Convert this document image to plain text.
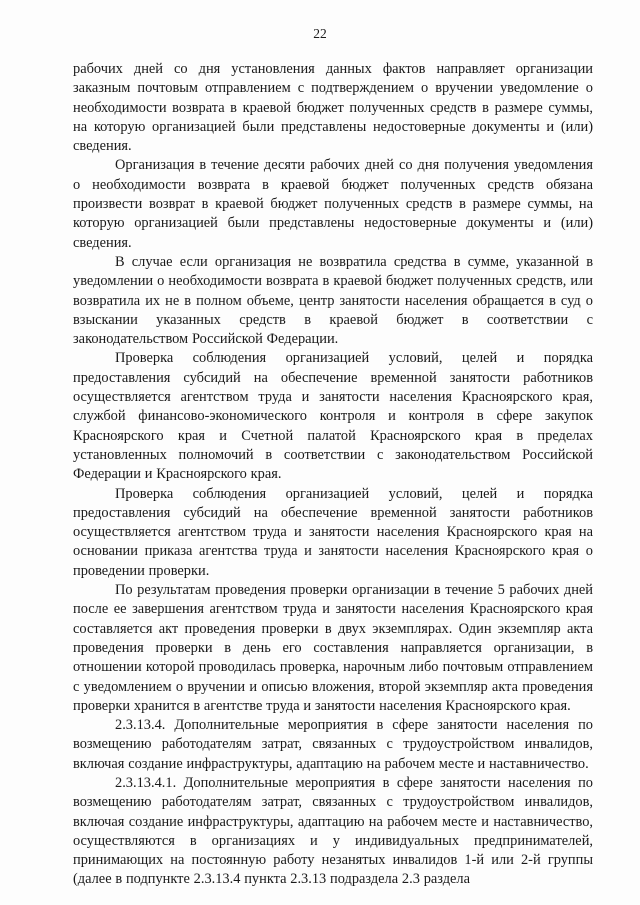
22

рабочих дней со дня установления данных фактов направляет организации заказным почтовым отправлением с подтверждением о вручении уведомление о необходимости возврата в краевой бюджет полученных средств в размере суммы, на которую организацией были представлены недостоверные документы и (или) сведения.

Организация в течение десяти рабочих дней со дня получения уведомления о необходимости возврата в краевой бюджет полученных средств обязана произвести возврат в краевой бюджет полученных средств в размере суммы, на которую организацией были представлены недостоверные документы и (или) сведения.

В случае если организация не возвратила средства в сумме, указанной в уведомлении о необходимости возврата в краевой бюджет полученных средств, или возвратила их не в полном объеме, центр занятости населения обращается в суд о взыскании указанных средств в краевой бюджет в соответствии с законодательством Российской Федерации.

Проверка соблюдения организацией условий, целей и порядка предоставления субсидий на обеспечение временной занятости работников осуществляется агентством труда и занятости населения Красноярского края, службой финансово-экономического контроля и контроля в сфере закупок Красноярского края и Счетной палатой Красноярского края в пределах установленных полномочий в соответствии с законодательством Российской Федерации и Красноярского края.

Проверка соблюдения организацией условий, целей и порядка предоставления субсидий на обеспечение временной занятости работников осуществляется агентством труда и занятости населения Красноярского края на основании приказа агентства труда и занятости населения Красноярского края о проведении проверки.

По результатам проведения проверки организации в течение 5 рабочих дней после ее завершения агентством труда и занятости населения Красноярского края составляется акт проведения проверки в двух экземплярах. Один экземпляр акта проведения проверки в день его составления направляется организации, в отношении которой проводилась проверка, нарочным либо почтовым отправлением с уведомлением о вручении и описью вложения, второй экземпляр акта проведения проверки хранится в агентстве труда и занятости населения Красноярского края.

2.3.13.4. Дополнительные мероприятия в сфере занятости населения по возмещению работодателям затрат, связанных с трудоустройством инвалидов, включая создание инфраструктуры, адаптацию на рабочем месте и наставничество.

2.3.13.4.1. Дополнительные мероприятия в сфере занятости населения по возмещению работодателям затрат, связанных с трудоустройством инвалидов, включая создание инфраструктуры, адаптацию на рабочем месте и наставничество, осуществляются в организациях и у индивидуальных предпринимателей, принимающих на постоянную работу незанятых инвалидов 1-й или 2-й группы (далее в подпункте 2.3.13.4 пункта 2.3.13 подраздела 2.3 раздела
